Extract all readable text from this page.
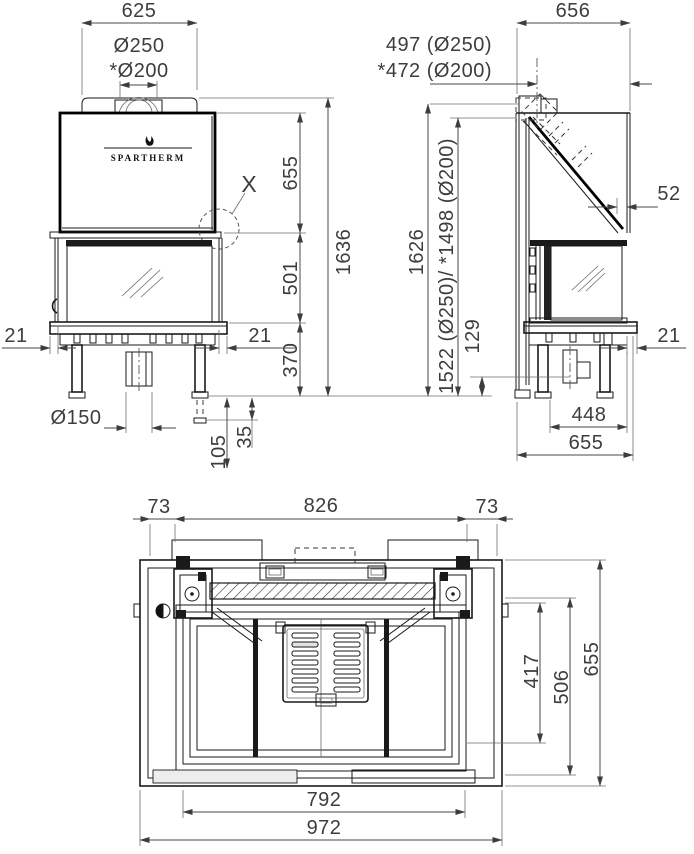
SPARTHERM
X
625
Ø250
*Ø200
655
501
370
1636
21	21
Ø150
35
105
656
497 (Ø250)
*472 (Ø200)
52
1626 1522 (Ø250)/ *1498 (Ø200) 129	21
448
655
73	826	73
792
972
417 506
655
